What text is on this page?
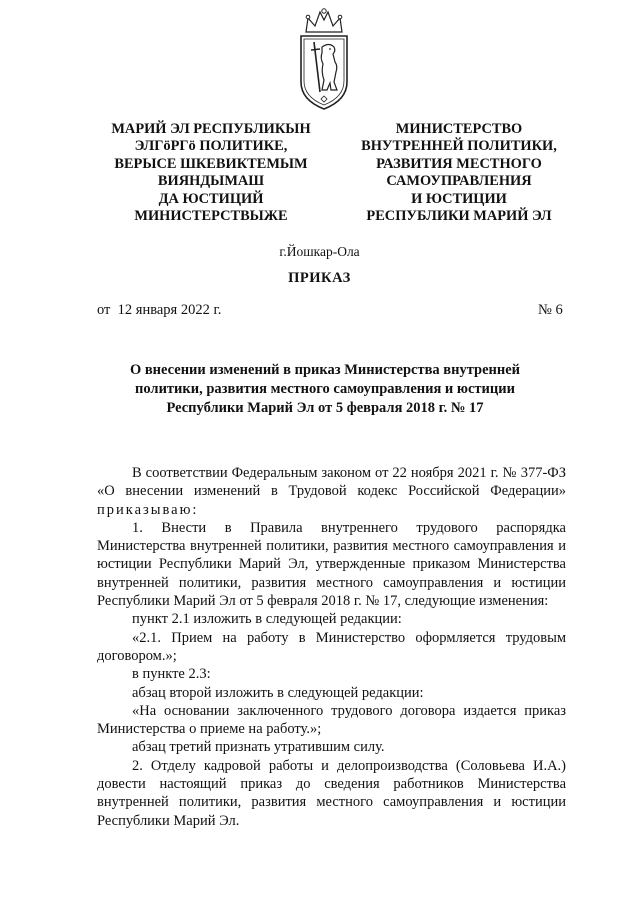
МАРИЙ ЭЛ РЕСПУБЛИКЫН
ЭЛГӧРГӧ ПОЛИТИКЕ,
ВЕРЫСЕ ШКЕВИКТЕМЫМ
ВИЯНДЫМАШ
ДА ЮСТИЦИЙ
МИНИСТЕРСТВЫЖЕ
МИНИСТЕРСТВО
ВНУТРЕННЕЙ ПОЛИТИКИ,
РАЗВИТИЯ МЕСТНОГО
САМОУПРАВЛЕНИЯ
И ЮСТИЦИИ
РЕСПУБЛИКИ МАРИЙ ЭЛ
г.Йошкар-Ола
ПРИКАЗ
от  12 января 2022 г.	№ 6
О внесении изменений в приказ Министерства внутренней
политики, развития местного самоуправления и юстиции
Республики Марий Эл от 5 февраля 2018 г. № 17
В соответствии Федеральным законом от 22 ноября 2021 г. № 377-ФЗ «О внесении изменений в Трудовой кодекс Российской Федерации» приказываю:
1. Внести в Правила внутреннего трудового распорядка Министерства внутренней политики, развития местного самоуправления и юстиции Республики Марий Эл, утвержденные приказом Министерства внутренней политики, развития местного самоуправления и юстиции Республики Марий Эл от 5 февраля 2018 г. № 17, следующие изменения:
пункт 2.1 изложить в следующей редакции:
«2.1. Прием на работу в Министерство оформляется трудовым договором.»;
в пункте 2.3:
абзац второй изложить в следующей редакции:
«На основании заключенного трудового договора издается приказ Министерства о приеме на работу.»;
абзац третий признать утратившим силу.
2. Отделу кадровой работы и делопроизводства (Соловьева И.А.) довести настоящий приказ до сведения работников Министерства внутренней политики, развития местного самоуправления и юстиции Республики Марий Эл.
